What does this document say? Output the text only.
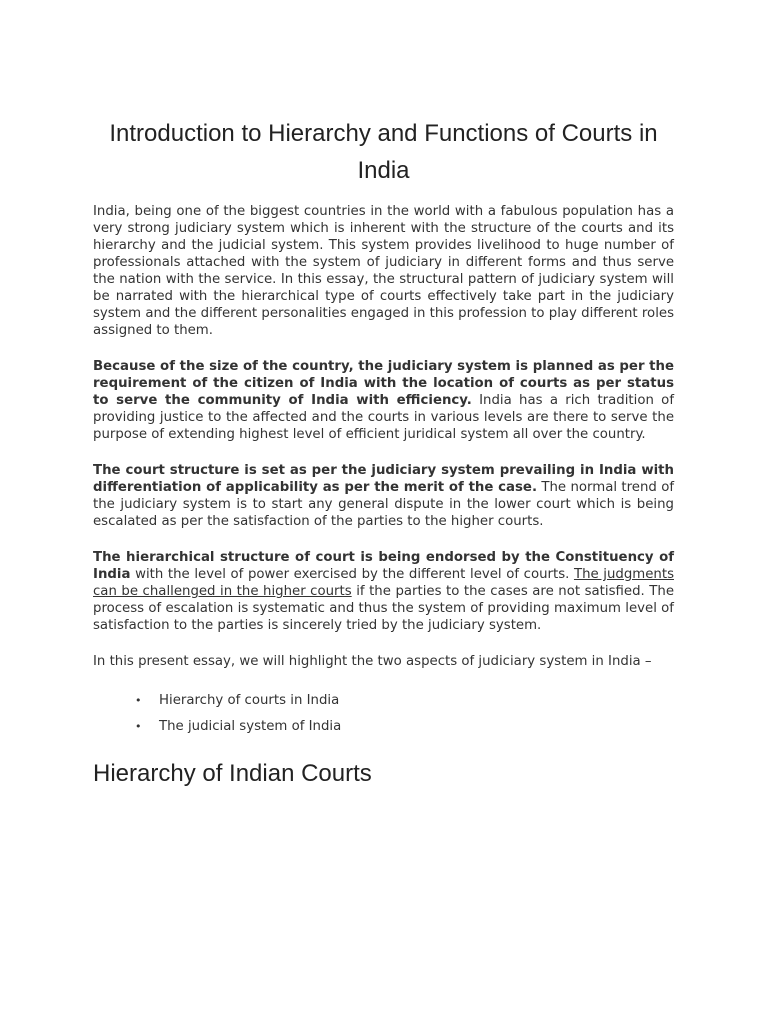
Introduction to Hierarchy and Functions of Courts in India

India, being one of the biggest countries in the world with a fabulous population has a very strong judiciary system which is inherent with the structure of the courts and its hierarchy and the judicial system. This system provides livelihood to huge number of professionals attached with the system of judiciary in different forms and thus serve the nation with the service. In this essay, the structural pattern of judiciary system will be narrated with the hierarchical type of courts effectively take part in the judiciary system and the different personalities engaged in this profession to play different roles assigned to them.

Because of the size of the country, the judiciary system is planned as per the requirement of the citizen of India with the location of courts as per status to serve the community of India with efficiency. India has a rich tradition of providing justice to the affected and the courts in various levels are there to serve the purpose of extending highest level of efficient juridical system all over the country.

The court structure is set as per the judiciary system prevailing in India with differentiation of applicability as per the merit of the case. The normal trend of the judiciary system is to start any general dispute in the lower court which is being escalated as per the satisfaction of the parties to the higher courts.

The hierarchical structure of court is being endorsed by the Constituency of India with the level of power exercised by the different level of courts. The judgments can be challenged in the higher courts if the parties to the cases are not satisfied. The process of escalation is systematic and thus the system of providing maximum level of satisfaction to the parties is sincerely tried by the judiciary system.

In this present essay, we will highlight the two aspects of judiciary system in India –

• Hierarchy of courts in India
• The judicial system of India
Hierarchy of Indian Courts
